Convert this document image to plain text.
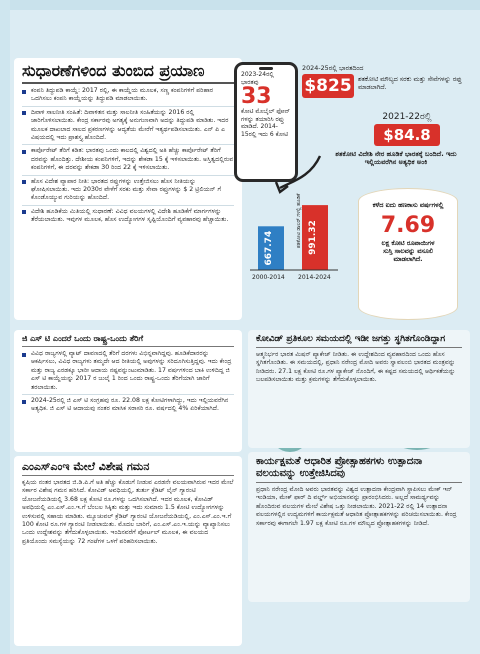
ಸುಧಾರಣೆಗಳಿಂದ ತುಂಬಿದ ಪ್ರಯಾಣ
ಕಂಪನಿ ತಿದ್ದುಪಡಿ ಕಾಯ್ದೆ: 2017 ರಲ್ಲಿ, ಈ ಕಾಯ್ದೆಯ ಮೂಲಕ, ಸಣ್ಣ ಕಂಪನಿಗಳಿಗೆ ಪರಿಹಾರ ಒದಗಿಸಲು ಕಂಪನಿ ಕಾಯ್ದೆಯನ್ನು ತಿದ್ದುಪಡಿ ಮಾಡಲಾಯಿತು.
ದಿವಾಳಿ ಸಾಲನೀತಿ ಸಂಹಿತೆ: ದಿವಾಳಿತನ ಮತ್ತು ಸಾಲನೀತಿ ಸಂಹಿತೆಯನ್ನು 2016 ರಲ್ಲಿ ಜಾರಿಗೊಳಿಸಲಾಯಿತು. ಕೇಂದ್ರ ಸರ್ಕಾರವು ಅಗತ್ಯಕ್ಕೆ ಅನುಗುಣವಾಗಿ ಅದನ್ನು ತಿದ್ದುಪಡಿ ಮಾಡಿತು. ಇದರ ಮೂಲಕ ದಾಖಲಾದ ಸಾಲದ ಪ್ರಕರಣಗಳನ್ನು ಆದ್ಯತೆಯ ಮೇರೆಗೆ ಇತ್ಯರ್ಥಪಡಿಸಲಾಯಿತು. ಎನ್ ಪಿ ಎ ವಿಷಯದಲ್ಲಿ ಇದು ಪ್ರಾಶಸ್ತ್ಯ ಹೊಂದಿದೆ.
ಕಾರ್ಪೊರೇಟ್ ತೆರಿಗೆ ಕಡಿತ: ಭಾರತವು ಒಂದು ಕಾಲದಲ್ಲಿ ವಿಶ್ವದಲ್ಲಿ ಅತಿ ಹೆಚ್ಚು ಕಾರ್ಪೊರೇಟ್ ತೆರಿಗೆ ದರವನ್ನು ಹೊಂದಿತ್ತು. ದೇಶೀಯ ಕಂಪನಿಗಳಿಗೆ, ಇದನ್ನು ಶೇಕಡಾ 15 ಕ್ಕೆ ಇಳಿಸಲಾಯಿತು. ಅಸ್ತಿತ್ವದಲ್ಲಿರುವ ಕಂಪನಿಗಳಿಗೆ, ಈ ದರವನ್ನು ಶೇಕಡಾ 30 ರಿಂದ 22 ಕ್ಕೆ ಇಳಿಸಲಾಯಿತು.
ಹೊಸ ವಿದೇಶ ವ್ಯಾಪಾರ ನೀತಿ: ಭಾರತದ ರಫ್ತುಗಳನ್ನು ಉತ್ತೇಜಿಸಲು ಹೊಸ ನೀತಿಯನ್ನು ಘೋಷಿಸಲಾಯಿತು. ಇದು 2030ರ ವೇಳೆಗೆ ಸರಕು ಮತ್ತು ಸೇವಾ ರಫ್ತುಗಳನ್ನು $ 2 ಟ್ರಿಲಿಯನ್ ಗೆ ಕೊಂಡೊಯ್ಯುವ ಗುರಿಯನ್ನು ಹೊಂದಿದೆ.
ವಿದೇಶಿ ಹೂಡಿಕೆಯ ಮಿತಿಯಲ್ಲಿ ಸುಧಾರಣೆ: ವಿವಿಧ ವಲಯಗಳಲ್ಲಿ ವಿದೇಶಿ ಹೂಡಿಕೆಗೆ ಮಾರ್ಗಗಳನ್ನು ತೆರೆಯಲಾಯಿತು. ಇವುಗಳ ಮೂಲಕ, ಹೊಸ ಉದ್ಯೋಗಗಳ ಸೃಷ್ಟಿಯೊಂದಿಗೆ ವ್ಯವಹಾರವು ಹೆಚ್ಚಾಯಿತು.
2023-24ರಲ್ಲಿ ಭಾರತವು
33
ಕೋಟಿ ಮೊಬೈಲ್ ಫೋನ್ ಗಳನ್ನು ತಯಾರಿಸಿ ರಫ್ತು ಮಾಡಿದೆ. 2014-15ರಲ್ಲಿ ಇದು 6 ಕೋಟಿ
2024-25ರಲ್ಲಿ ಭಾರತದಿಂದ
$825 ಶತಕೋಟಿ ಮೌಲ್ಯದ ಸರಕು ಮತ್ತು ಸೇವೆಗಳನ್ನು ರಫ್ತು ಮಾಡಲಾಗಿದೆ.
2021-22ರಲ್ಲಿ
$84.8
ಶತಕೋಟಿ ವಿದೇಶಿ ನೇರ ಹೂಡಿಕೆ ಭಾರತಕ್ಕೆ ಬಂದಿದೆ. ಇದು ಇಲ್ಲಿಯವರೆಗಿನ ಅತ್ಯಧಿಕ ಅಂಕಿ
667.74	991.32
2000-2014 2014-2024
ಶತಕೋಟಿ ಡಾಲರ್ ಗಳಲ್ಲಿ ಹೂಡಿಕೆ	ಕಳೆದ ಐದು ಹಣಕಾಸು ವರ್ಷಗಳಲ್ಲಿ
7.69
ಲಕ್ಷ ಕೋಟಿ ರೂಪಾಯಿಗಳ ಸುಸ್ತಿ ಸಾಲವನ್ನು ವಸೂಲಿ ಮಾಡಲಾಗಿದೆ.
ಜಿ ಎಸ್ ಟಿ ಎಂದರೆ ಒಂದು ರಾಷ್ಟ್ರ-ಒಂದು ತೆರಿಗೆ
ವಿವಿಧ ರಾಜ್ಯಗಳಲ್ಲಿ ವ್ಯಾಟ್ ದಾವಣದಲ್ಲಿ ತೆರಿಗೆ ದರಗಳು ವಿಭಿನ್ನವಾಗಿದ್ದವು. ಹೂಡಿಕೆದಾರರನ್ನು ಆಕರ್ಷಿಸಲು, ವಿವಿಧ ರಾಜ್ಯಗಳು ತಮ್ಮದೇ ಆದ ರೀತಿಯಲ್ಲಿ ಅವುಗಳನ್ನು ಸರಿದೂಗಿಸುತ್ತಿದ್ದವು. ಇದು ಕೇಂದ್ರ ಮತ್ತು ರಾಜ್ಯ ಎರಡಕ್ಕೂ ಭಾರೀ ಆದಾಯ ನಷ್ಟವನ್ನುಂಟುಮಾಡಿತು. 17 ವರ್ಷಗಳಿಂದ ಬಾಕಿ ಉಳಿದಿದ್ದ ಜಿ ಎಸ್ ಟಿ ಕಾಯ್ದೆಯನ್ನು 2017 ರ ಜುಲೈ 1 ರಿಂದ ಒಂದು ರಾಷ್ಟ್ರ-ಒಂದು ತೆರಿಗೆಯಾಗಿ ಜಾರಿಗೆ ತರಲಾಯಿತು.
2024-25ರಲ್ಲಿ ಜಿ ಎಸ್ ಟಿ ಸಂಗ್ರಹವು ರೂ. 22.08 ಲಕ್ಷ ಕೋಟಿಗಳಾಗಿದ್ದು, ಇದು ಇಲ್ಲಿಯವರೆಗಿನ ಅತ್ಯಧಿಕ. ಜಿ ಎಸ್ ಟಿ ಆದಾಯವು ನಂತರ ಮಾಸಿಕ ಸರಾಸರಿ ರೂ. ವರ್ಷದಲ್ಲಿ 4% ಏರಿಕೆಯಾಗಿದೆ.
ಎಂಎಸ್ಎಂಇ ಮೇಲೆ ವಿಶೇಷ ಗಮನ
ಕೃಷಿಯ ನಂತರ ಭಾರತದ ಜಿ.ಡಿ.ಪಿ.ಗೆ ಅತಿ ಹೆಚ್ಚು ಕೊಡುಗೆ ನೀಡುವ ಎರಡನೇ ವಲಯವಾಗಿರುವ ಇದರ ಮೇಲೆ ಸರ್ಕಾರ ವಿಶೇಷ ಗಮನ ಹರಿಸಿದೆ. ಕೋವಿಡ್ ಅವಧಿಯಲ್ಲಿ, ತುರ್ತು ಕ್ರೆಡಿಟ್ ಲೈನ್ ಗ್ಯಾರಂಟಿ ಯೋಜನೆಯಡಿಯಲ್ಲಿ 3.68 ಲಕ್ಷ ಕೋಟಿ ರೂ.ಗಳನ್ನು ಒದಗಿಸಲಾಗಿದೆ. ಇದರ ಮೂಲಕ, ಕೋವಿಡ್ ಅವಧಿಯಲ್ಲಿ ಎಂ.ಎಸ್.ಎಂ.ಇ.ಗೆ ಬೆಂಬಲ ಸಿಕ್ಕಿತು ಮತ್ತು ಇದು ಸುಮಾರು 1.5 ಕೋಟಿ ಉದ್ಯೋಗಗಳನ್ನು ಉಳಿಸುವಲ್ಲಿ ಸಹಾಯ ಮಾಡಿತು. ಮ್ಯೂಚುವಲ್ ಕ್ರೆಡಿಟ್ ಗ್ಯಾರಂಟಿ ಯೋಜನೆಯಡಿಯಲ್ಲಿ, ಎಂ.ಎಸ್.ಎಂ.ಇ.ಗೆ 100 ಕೋಟಿ ರೂ.ಗಳ ಗ್ಯಾರಂಟಿ ನೀಡಲಾಯಿತು. ಮೊದಲ ಬಾರಿಗೆ, ಎಂ.ಎಸ್.ಎಂ.ಇ.ಯನ್ನು ವ್ಯಾಖ್ಯಾನಿಸಲು ಒಂದು ಉದ್ದೇಶವನ್ನು ತೆಗೆದುಕೊಳ್ಳಲಾಯಿತು. ಇಂದಿನವರೆಗೆ ಪೋರ್ಟಲ್ ಮೂಲಕ, ಈ ವಲಯದ ಪ್ರತಿಯೊಂದು ಸಮಸ್ಯೆಯನ್ನು 72 ಗಂಟೆಗಳ ಒಳಗೆ ಪರಿಹರಿಸಲಾಯಿತು.
ಕೋವಿಡ್ ಪ್ರತಿಕೂಲ ಸಮಯದಲ್ಲಿ ಇಡೀ ಜಗತ್ತು ಸ್ಥಗಿತಗೊಂಡಿದ್ದಾಗ
ಆತ್ಮನಿರ್ಭರ ಭಾರತ ಮಿಷನ್ ಪ್ಯಾಕೇಜ್ ನೀಡಿತು. ಈ ಉದ್ದೇಶದಿಂದ ವ್ಯವಹಾರದಿಂದ ಒಂದು ಹೊಸ ಸ್ಥಗಿತಗೊಂಡಿತು. ಈ ಸಮಯದಲ್ಲಿ, ಪ್ರಧಾನಿ ನರೇಂದ್ರ ಮೋದಿ ಅವರು ಸ್ವಾವಲಂಬಿ ಭಾರತದ ಮಂತ್ರವನ್ನು ನೀಡಿದರು. 27.1 ಲಕ್ಷ ಕೋಟಿ ರೂ.ಗಳ ಪ್ಯಾಕೇಜ್ ನೊಂದಿಗೆ, ಈ ಕಷ್ಟದ ಸಮಯದಲ್ಲಿ ಆರ್ಥಿಕತೆಯನ್ನು ಬಲಪಡಿಸಲಾಯಿತು ಮತ್ತು ಕ್ರಮಗಳನ್ನು ತೆಗೆದುಕೊಳ್ಳಲಾಯಿತು.
ಕಾರ್ಯಕ್ಷಮತೆ ಆಧಾರಿತ ಪ್ರೋತ್ಸಾಹಕಗಳು ಉತ್ಪಾದನಾ ವಲಯವನ್ನು ಉತ್ತೇಜಿಸಿದವು
ಪ್ರಧಾನಿ ನರೇಂದ್ರ ಮೋದಿ ಅವರು ಭಾರತವನ್ನು ವಿಶ್ವದ ಉತ್ಪಾದನಾ ಕೇಂದ್ರವಾಗಿ ಸ್ಥಾಪಿಸಲು ಮೇಕ್ ಇನ್ ಇಂಡಿಯಾ, ಮೇಕ್ ಫಾರ್ ದಿ ವರ್ಲ್ಡ್ ಅಭಿಯಾನವನ್ನು ಪ್ರಾರಂಭಿಸಿದರು. ಅಲ್ಲದೆ ಸಾಮರ್ಥ್ಯವನ್ನು ಹೊಂದಿರುವ ವಲಯಗಳ ಮೇಲೆ ವಿಶೇಷ ಒತ್ತು ನೀಡಲಾಯಿತು. 2021-22 ರಲ್ಲಿ 14 ಉತ್ಪಾದನಾ ವಲಯಗಳಲ್ಲಿನ ಉದ್ಯಮಗಳಿಗೆ ಕಾರ್ಯಕ್ಷಮತೆ ಆಧಾರಿತ ಪ್ರೋತ್ಸಾಹಕಗಳನ್ನು ಪರಿಚಯಿಸಲಾಯಿತು. ಕೇಂದ್ರ ಸರ್ಕಾರವು ಈಗಾಗಲೇ 1.97 ಲಕ್ಷ ಕೋಟಿ ರೂ.ಗಳ ಮೌಲ್ಯದ ಪ್ರೋತ್ಸಾಹಕಗಳನ್ನು ನೀಡಿದೆ.
